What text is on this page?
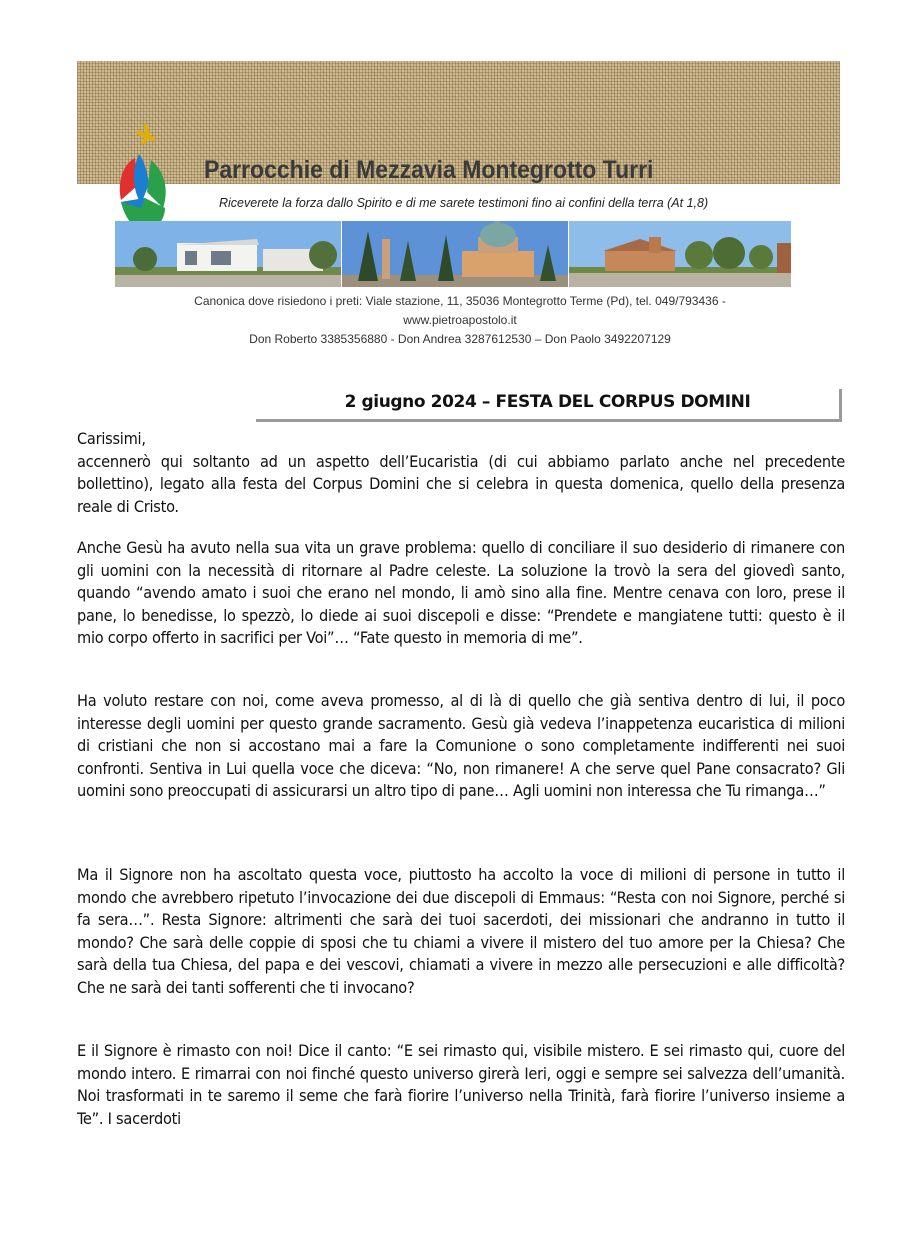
Parrocchie di Mezzavia Montegrotto Turri
Riceverete la forza dallo Spirito e di me sarete testimoni fino ai confini della terra (At 1,8)
Canonica dove risiedono i preti: Viale stazione, 11, 35036 Montegrotto Terme (Pd), tel. 049/793436 -
www.pietroapostolo.it
Don Roberto 3385356880 - Don Andrea 3287612530 – Don Paolo 3492207129
2 giugno 2024 – FESTA DEL CORPUS DOMINI

Carissimi,

accennerò qui soltanto ad un aspetto dell’Eucaristia (di cui abbiamo parlato anche nel precedente bollettino), legato alla festa del Corpus Domini che si celebra in questa domenica, quello della presenza reale di Cristo.

Anche Gesù ha avuto nella sua vita un grave problema: quello di conciliare il suo desiderio di rimanere con gli uomini con la necessità di ritornare al Padre celeste. La soluzione la trovò la sera del giovedì santo, quando “avendo amato i suoi che erano nel mondo, li amò sino alla fine. Mentre cenava con loro, prese il pane, lo benedisse, lo spezzò, lo diede ai suoi discepoli e disse: “Prendete e mangiatene tutti: questo è il mio corpo offerto in sacrifici per Voi”… “Fate questo in memoria di me”.
Ha voluto restare con noi, come aveva promesso, al di là di quello che già sentiva dentro di lui, il poco interesse degli uomini per questo grande sacramento. Gesù già vedeva l’inappetenza eucaristica di milioni di cristiani che non si accostano mai a fare la Comunione o sono completamente indifferenti nei suoi confronti. Sentiva in Lui quella voce che diceva: “No, non rimanere! A che serve quel Pane consacrato? Gli uomini sono preoccupati di assicurarsi un altro tipo di pane… Agli uomini non interessa che Tu rimanga…”
Ma il Signore non ha ascoltato questa voce, piuttosto ha accolto la voce di milioni di persone in tutto il mondo che avrebbero ripetuto l’invocazione dei due discepoli di Emmaus: “Resta con noi Signore, perché si fa sera…”. Resta Signore: altrimenti che sarà dei tuoi sacerdoti, dei missionari che andranno in tutto il mondo? Che sarà delle coppie di sposi che tu chiami a vivere il mistero del tuo amore per la Chiesa? Che sarà della tua Chiesa, del papa e dei vescovi, chiamati a vivere in mezzo alle persecuzioni e alle difficoltà? Che ne sarà dei tanti sofferenti che ti invocano?
E il Signore è rimasto con noi! Dice il canto: “E sei rimasto qui, visibile mistero. E sei rimasto qui, cuore del mondo intero. E rimarrai con noi finché questo universo girerà Ieri, oggi e sempre sei salvezza dell’umanità. Noi trasformati in te saremo il seme che farà fiorire l’universo nella Trinità, farà fiorire l’universo insieme a Te”. I sacerdoti
